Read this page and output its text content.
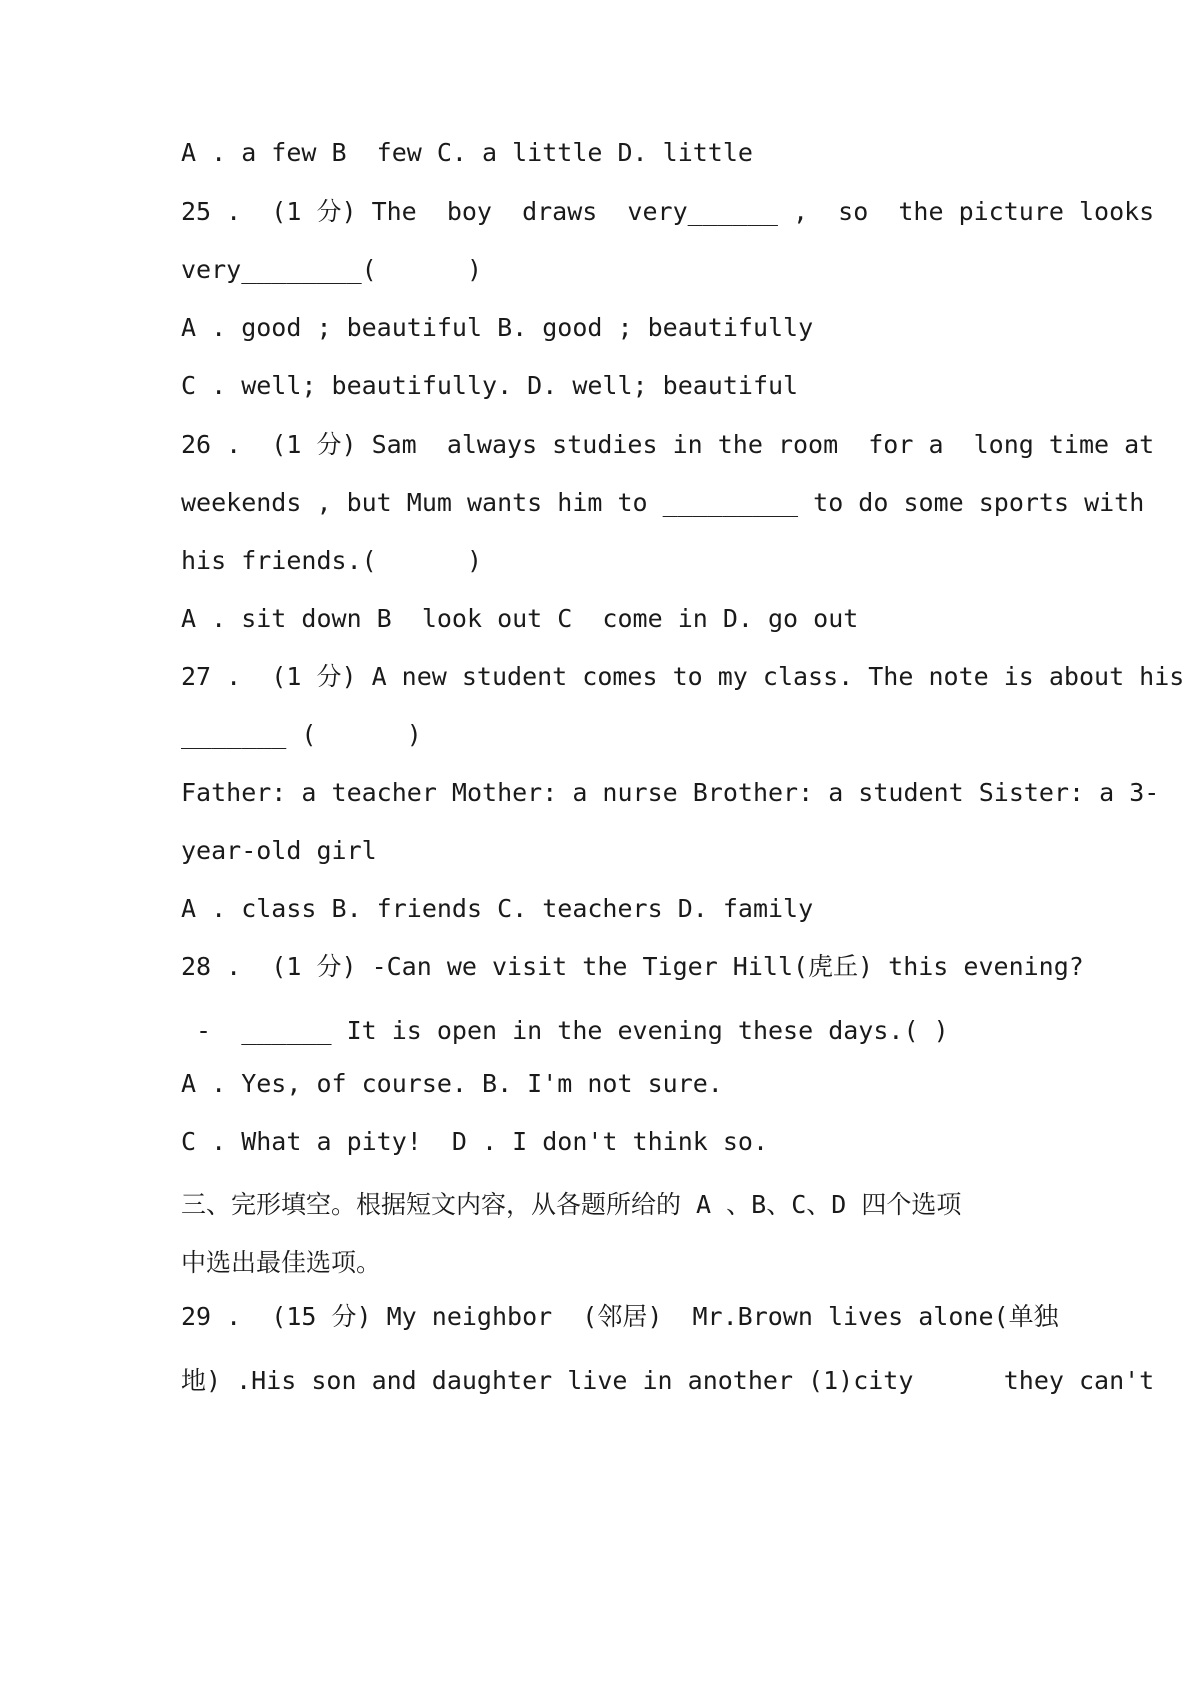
A . a few B  few C. a little D. little
25 .  (1 分) The  boy  draws  very______ ,  so  the picture looks
very________(      )
A . good ; beautiful B. good ; beautifully
C . well; beautifully. D. well; beautiful
26 .  (1 分) Sam  always studies in the room  for a  long time at
weekends , but Mum wants him to _________ to do some sports with
his friends.(      )
A . sit down B  look out C  come in D. go out
27 .  (1 分) A new student comes to my class. The note is about his
_______ (      )
Father: a teacher Mother: a nurse Brother: a student Sister: a 3-
year-old girl
A . class B. friends C. teachers D. family
28 .  (1 分) -Can we visit the Tiger Hill(虎丘) this evening?
-  ______ It is open in the evening these days.( )
A . Yes, of course. B. I'm not sure.
C . What a pity!  D . I don't think so.
三、完形填空。根据短文内容，从各题所给的 A 、B、C、D 四个选项
中选出最佳选项。
29 .  (15 分) My neighbor  (邻居)  Mr.Brown lives alone(单独
地) .His son and daughter live in another (1)city      they can't
